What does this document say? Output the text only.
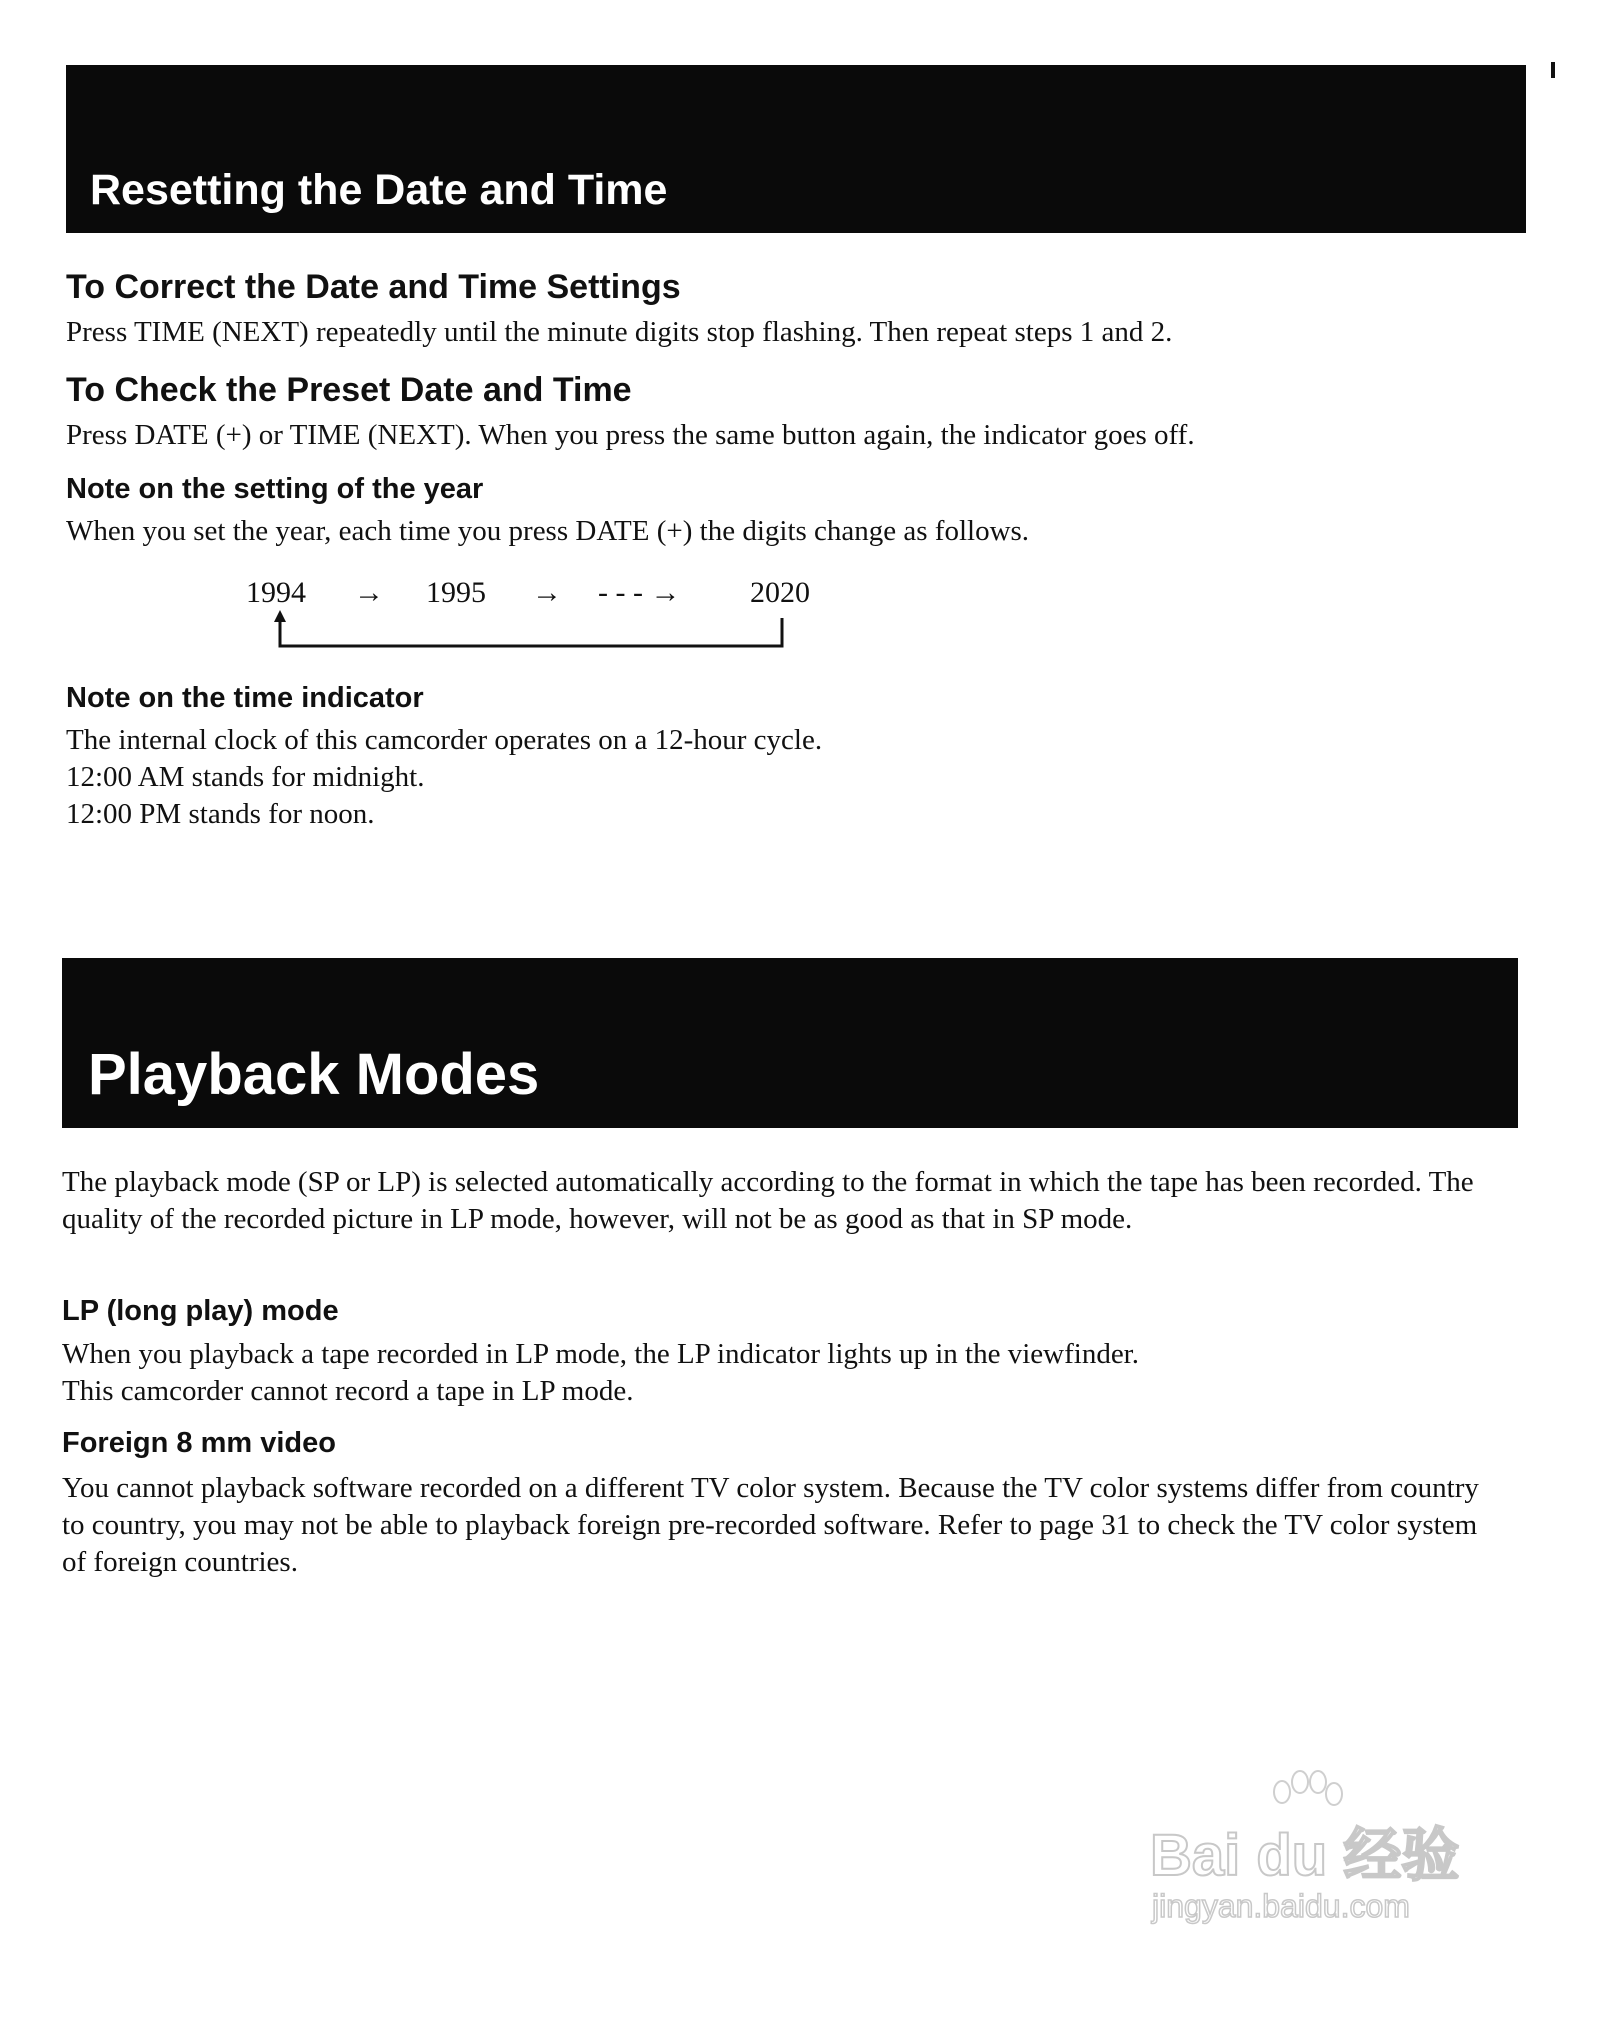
Resetting the Date and Time
To Correct the Date and Time Settings
Press TIME (NEXT) repeatedly until the minute digits stop flashing. Then repeat steps 1 and 2.
To Check the Preset Date and Time
Press DATE (+) or TIME (NEXT). When you press the same button again, the indicator goes off.
Note on the setting of the year
When you set the year, each time you press DATE (+) the digits change as follows.
1994 → 1995 → - - - → 2020
Note on the time indicator
The internal clock of this camcorder operates on a 12-hour cycle.
12:00 AM stands for midnight.
12:00 PM stands for noon.
Playback Modes
The playback mode (SP or LP) is selected automatically according to the format in which the tape has been recorded. The quality of the recorded picture in LP mode, however, will not be as good as that in SP mode.
LP (long play) mode
When you playback a tape recorded in LP mode, the LP indicator lights up in the viewfinder.
This camcorder cannot record a tape in LP mode.
Foreign 8 mm video
You cannot playback software recorded on a different TV color system. Because the TV color systems differ from country to country, you may not be able to playback foreign pre-recorded software. Refer to page 31 to check the TV color system of foreign countries.
Bai du 经验
jingyan.baidu.com
